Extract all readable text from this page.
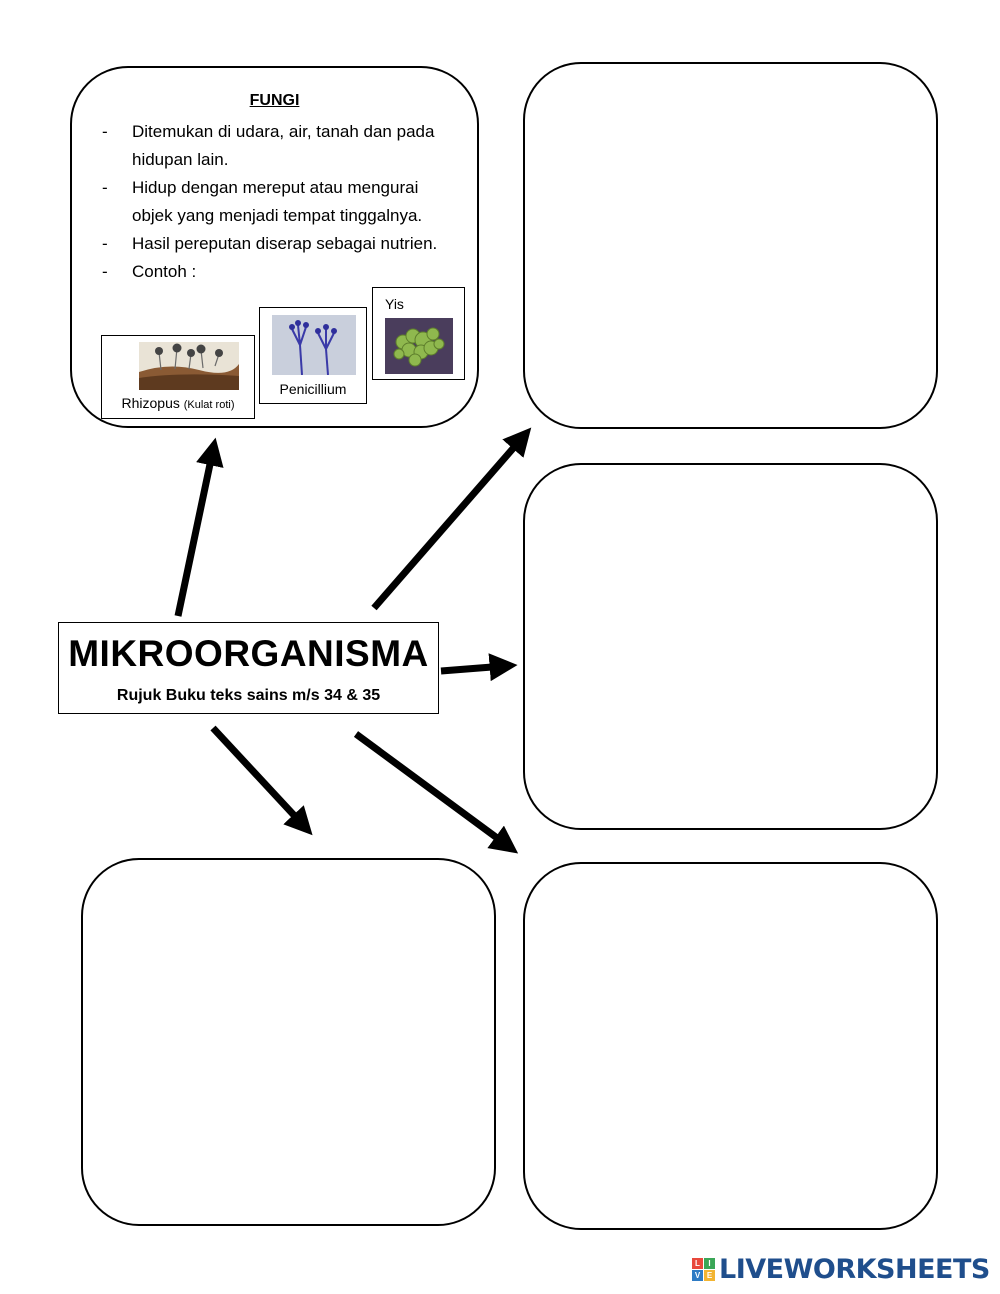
FUNGI
- Ditemukan di udara, air, tanah dan pada hidupan lain.
- Hidup dengan mereput atau mengurai objek yang menjadi tempat tinggalnya.
- Hasil pereputan diserap sebagai nutrien.
- Contoh :
Rhizopus (Kulat roti)
Penicillium
Yis
MIKROORGANISMA
Rujuk Buku teks sains m/s 34 & 35
L	I
V E LIVEWORKSHEETS
